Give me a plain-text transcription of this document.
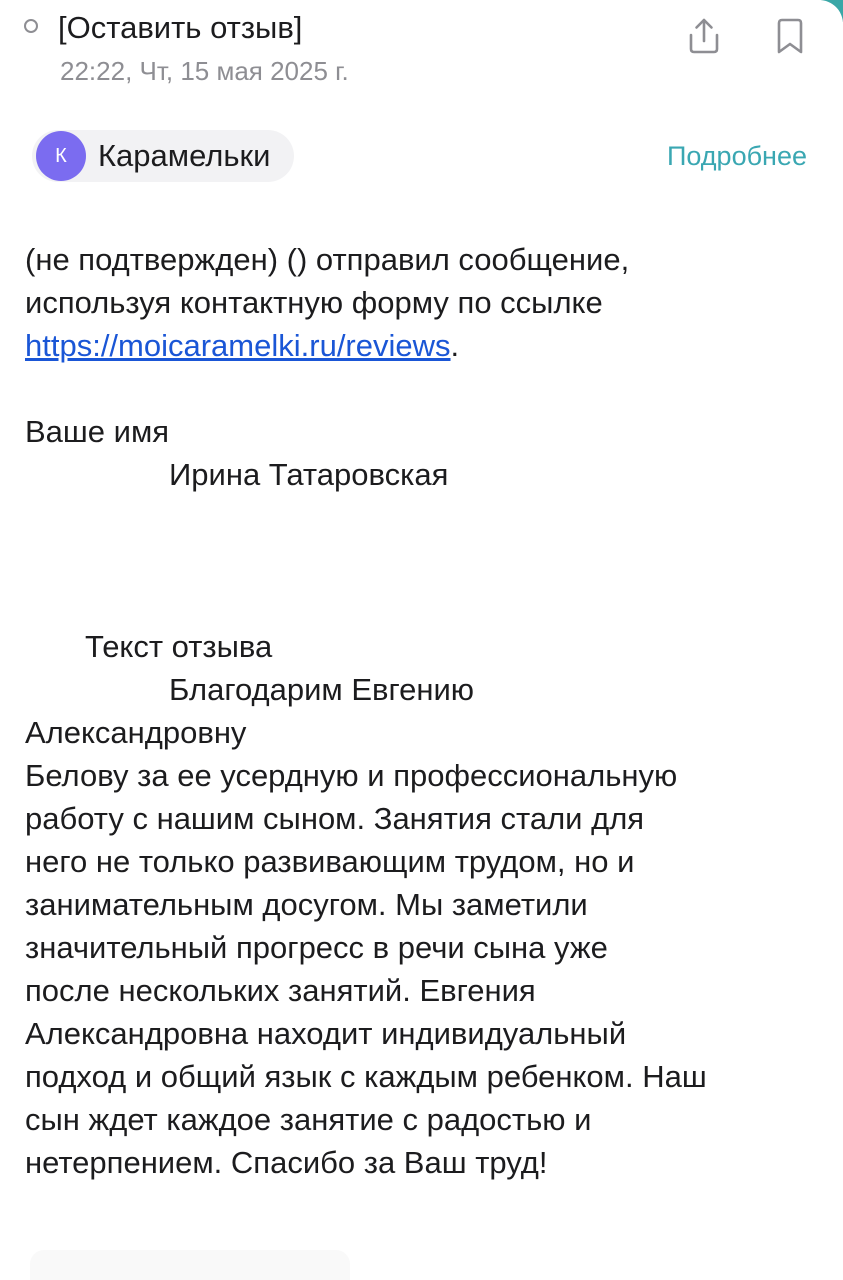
[Оставить отзыв]
22:22, Чт, 15 мая 2025 г.
К	Карамельки	Подробнее
(не подтвержден) () отправил сообщение,
используя контактную форму по ссылке
https://moicaramelki.ru/reviews.
Ваше имя
Ирина Татаровская
Текст отзыва
Благодарим Евгению
Александровну
Белову за ее усердную и профессиональную
работу с нашим сыном. Занятия стали для
него не только развивающим трудом, но и
занимательным досугом. Мы заметили
значительный прогресс в речи сына уже
после нескольких занятий. Евгения
Александровна находит индивидуальный
подход и общий язык с каждым ребенком. Наш
сын ждет каждое занятие с радостью и
нетерпением. Спасибо за Ваш труд!
